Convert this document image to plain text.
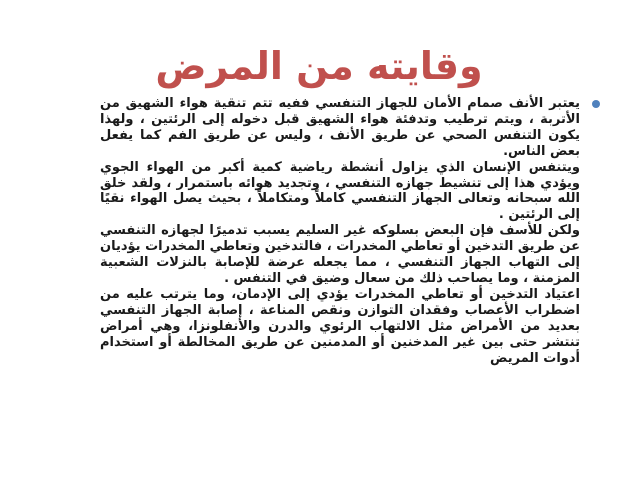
وقايته من المرض

يعتبر الأنف صمام الأمان للجهاز التنفسي ففيه تتم تنقية هواء الشهيق من الأتربة ، ويتم ترطيب وتدفئة هواء الشهيق قبل دخوله إلى الرئتين ، ولهذا يكون التنفس الصحي عن طريق الأنف ، وليس عن طريق الفم كما يفعل بعض الناس.

ويتنفس الإنسان الذي يزاول أنشطة رياضية كمية أكبر من الهواء الجوي ويؤدي هذا إلى تنشيط جهازه التنفسي ، وتجديد هوائه باستمرار ، ولقد خلق الله سبحانه وتعالى الجهاز التنفسي كاملاً ومتكاملاً ، بحيث يصل الهواء نقيًا إلى الرئتين .

ولكن للأسف فإن البعض بسلوكه غير السليم يسبب تدميرًا لجهازه التنفسي عن طريق التدخين أو تعاطي المخدرات ، فالتدخين وتعاطي المخدرات يؤديان إلى التهاب الجهاز التنفسي ، مما يجعله عرضة للإصابة بالنزلات الشعبية المزمنة ، وما يصاحب ذلك من سعال وضيق في التنفس .

اعتياد التدخين أو تعاطي المخدرات يؤدي إلى الإدمان، وما يترتب عليه من اضطراب الأعصاب وفقدان التوازن ونقص المناعة ، إصابة الجهاز التنفسي بعديد من الأمراض مثل الالتهاب الرئوي والدرن والأنفلونزا، وهي أمراض تنتشر حتى بين غير المدخنين أو المدمنين عن طريق المخالطة أو استخدام أدوات المريض
